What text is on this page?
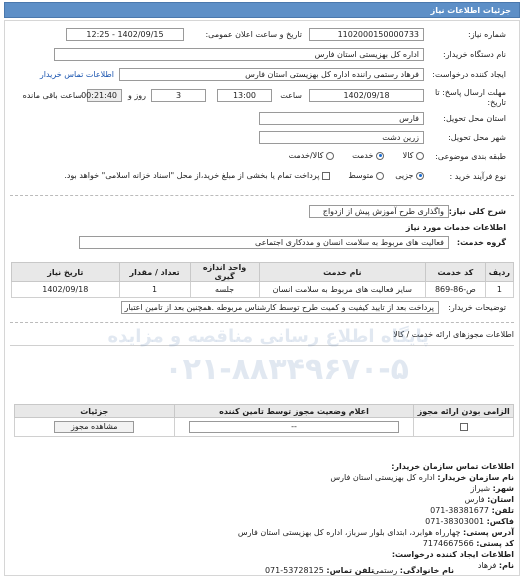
جزئیات اطلاعات نیاز
شماره نیاز:
1102000150000733
تاریخ و ساعت اعلان عمومی:
1402/09/15 - 12:25
نام دستگاه خریدار:
اداره کل بهزیستی استان فارس
ایجاد کننده درخواست:
فرهاد رستمی راننده اداره کل بهزیستی استان فارس
اطلاعات تماس خریدار
مهلت ارسال پاسخ: تا
تاریخ:
1402/09/18
ساعت
13:00
3
روز و
00:21:40
ساعت باقی مانده
استان محل تحویل:
فارس
شهر محل تحویل:
زرین دشت
طبقه بندی موضوعی:
کالا
خدمت
کالا/خدمت
نوع فرآیند خرید :
جزیی
متوسط
پرداخت تمام یا بخشی از مبلغ خرید،از محل "اسناد خزانه اسلامی" خواهد بود.
شرح کلی نیاز:
واگذاری طرح آموزش پیش از ازدواج
اطلاعات خدمات مورد نیاز
گروه خدمت:
فعالیت های مربوط به سلامت انسان و مددکاری اجتماعی
ردیف	کد خدمت	نام خدمت	واحد اندازه گیری	تعداد / مقدار	تاریخ نیاز
1	ص-86-869	سایر فعالیت های مربوط به سلامت انسان	جلسه	1	1402/09/18
توضیحات خریدار:
پرداخت بعد از تایید کیفیت و کمیت طرح توسط کارشناس مربوطه .همچنین بعد از تامین اعتبار
اطلاعات مجوزهای ارائه خدمت / کالا
الزامی بودن ارائه مجوز	اعلام وضعیت مجوز توسط تامین کننده	جزئیات
	--	مشاهده مجوز
پایگاه اطلاع رسانی مناقصه و مزایده
۰۲۱-۸۸۳۴۹۶۷۰-۵
اطلاعات تماس سازمان خریدار:
نام سازمان خریدار: اداره کل بهزیستی استان فارس
شهر: شیراز
استان: فارس
تلفن: 38381677-071
فاکس: 38303001-071
آدرس پستی: چهارراه هوابرد، ابتدای بلوار سرباز، اداره کل بهزیستی استان فارس
کد پستی: 7174667566
اطلاعات ایجاد کننده درخواست:
نام: فرهاد
نام خانوادگی: رستمی
تلفن تماس: 53728125-071
